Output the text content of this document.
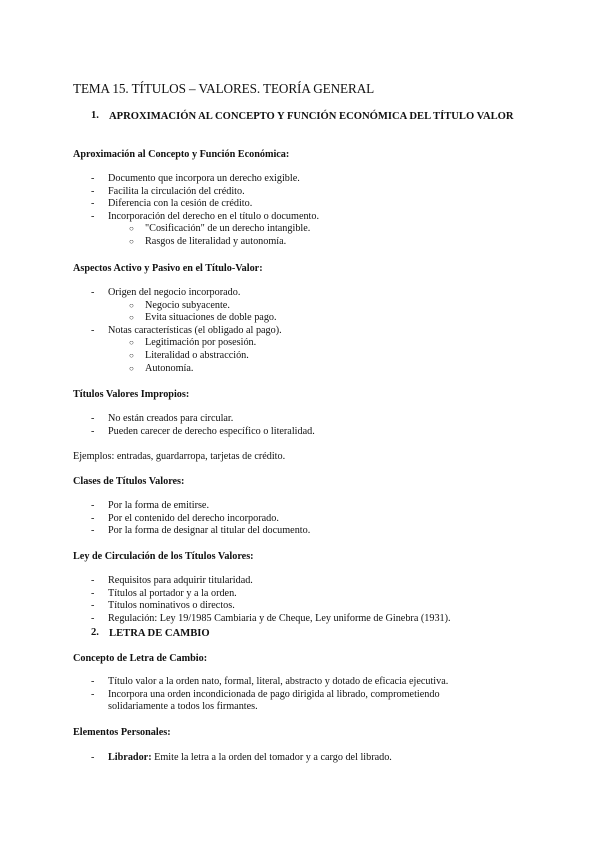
TEMA 15. TÍTULOS – VALORES. TEORÍA GENERAL
1. APROXIMACIÓN AL CONCEPTO Y FUNCIÓN ECONÓMICA DEL TÍTULO VALOR
Aproximación al Concepto y Función Económica:
- Documento que incorpora un derecho exigible.
- Facilita la circulación del crédito.
- Diferencia con la cesión de crédito.
- Incorporación del derecho en el título o documento.
○ "Cosificación" de un derecho intangible.
○ Rasgos de literalidad y autonomía.
Aspectos Activo y Pasivo en el Título-Valor:
- Origen del negocio incorporado.
○ Negocio subyacente.
○ Evita situaciones de doble pago.
- Notas características (el obligado al pago).
○ Legitimación por posesión.
○ Literalidad o abstracción.
○ Autonomía.
Títulos Valores Impropios:
- No están creados para circular.
- Pueden carecer de derecho específico o literalidad.
Ejemplos: entradas, guardarropa, tarjetas de crédito.
Clases de Títulos Valores:
- Por la forma de emitirse.
- Por el contenido del derecho incorporado.
- Por la forma de designar al titular del documento.
Ley de Circulación de los Títulos Valores:
- Requisitos para adquirir titularidad.
- Títulos al portador y a la orden.
- Títulos nominativos o directos.
- Regulación: Ley 19/1985 Cambiaria y de Cheque, Ley uniforme de Ginebra (1931).
2. LETRA DE CAMBIO
Concepto de Letra de Cambio:
- Título valor a la orden nato, formal, literal, abstracto y dotado de eficacia ejecutiva.
- Incorpora una orden incondicionada de pago dirigida al librado, comprometiendo
solidariamente a todos los firmantes.
Elementos Personales:
- Librador: Emite la letra a la orden del tomador y a cargo del librado.
